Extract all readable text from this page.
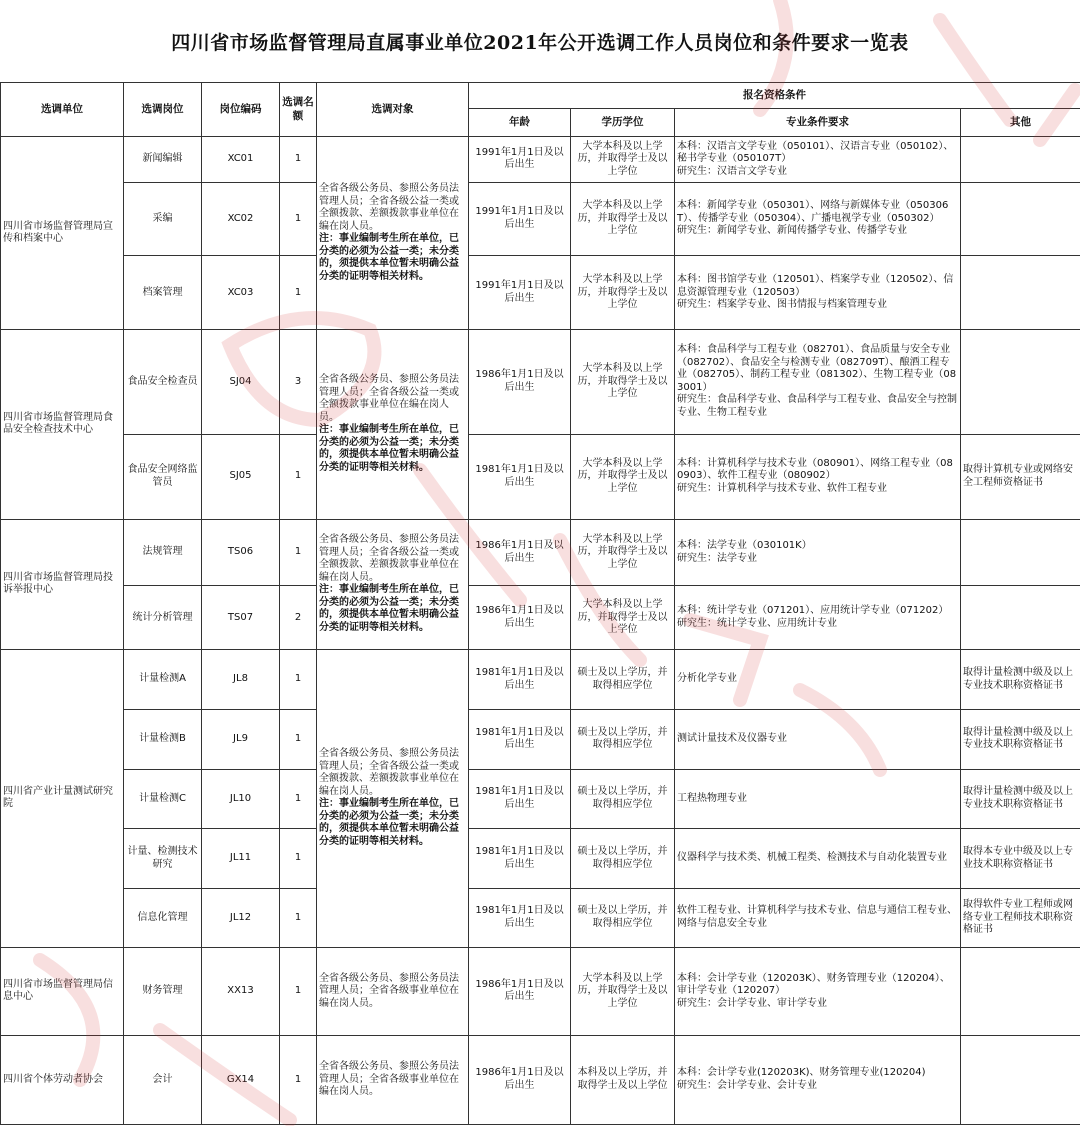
四川省市场监督管理局直属事业单位2021年公开选调工作人员岗位和条件要求一览表
选调单位	选调岗位	岗位编码	选调名额	选调对象	报名资格条件			
					年龄	学历学位	专业条件要求	其他
四川省市场监督管理局宣传和档案中心	新闻编辑	XC01	1	全省各级公务员、参照公务员法管理人员；全省各级公益一类或全额拨款、差额拨款事业单位在编在岗人员。
注：事业编制考生所在单位，已分类的必须为公益一类；未分类的，须提供本单位暂未明确公益分类的证明等相关材料。	1991年1月1日及以后出生	大学本科及以上学历，并取得学士及以上学位	本科：汉语言文学专业（050101）、汉语言专业（050102）、秘书学专业（050107T）
研究生：汉语言文学专业	

	采编	XC02	1		1991年1月1日及以后出生	大学本科及以上学历，并取得学士及以上学位	本科：新闻学专业（050301）、网络与新媒体专业（050306T）、传播学专业（050304）、广播电视学专业（050302）
研究生：新闻学专业、新闻传播学专业、传播学专业	

	档案管理	XC03	1		1991年1月1日及以后出生	大学本科及以上学历，并取得学士及以上学位	本科：图书馆学专业（120501）、档案学专业（120502）、信息资源管理专业（120503）
研究生：档案学专业、图书情报与档案管理专业	

四川省市场监督管理局食品安全检查技术中心	食品安全检查员	SJ04	3	全省各级公务员、参照公务员法管理人员；全省各级公益一类或全额拨款事业单位在编在岗人员。
注：事业编制考生所在单位，已分类的必须为公益一类；未分类的，须提供本单位暂未明确公益分类的证明等相关材料。	1986年1月1日及以后出生	大学本科及以上学历，并取得学士及以上学位	本科：食品科学与工程专业（082701）、食品质量与安全专业（082702）、食品安全与检测专业（082709T）、酿酒工程专业（082705）、制药工程专业（081302）、生物工程专业（083001）
研究生：食品科学专业、食品科学与工程专业、食品安全与控制专业、生物工程专业	

	食品安全网络监管员	SJ05	1		1981年1月1日及以后出生	大学本科及以上学历，并取得学士及以上学位	本科：计算机科学与技术专业（080901）、网络工程专业（080903）、软件工程专业（080902）
研究生：计算机科学与技术专业、软件工程专业	取得计算机专业或网络安全工程师资格证书
四川省市场监督管理局投诉举报中心	法规管理	TS06	1	全省各级公务员、参照公务员法管理人员；全省各级公益一类或全额拨款、差额拨款事业单位在编在岗人员。
注：事业编制考生所在单位，已分类的必须为公益一类；未分类的，须提供本单位暂未明确公益分类的证明等相关材料。	1986年1月1日及以后出生	大学本科及以上学历，并取得学士及以上学位	本科：法学专业（030101K）
研究生：法学专业	

	统计分析管理	TS07	2		1986年1月1日及以后出生	大学本科及以上学历，并取得学士及以上学位	本科：统计学专业（071201）、应用统计学专业（071202）
研究生：统计学专业、应用统计专业	

四川省产业计量测试研究院	计量检测A	JL8	1	全省各级公务员、参照公务员法管理人员；全省各级公益一类或全额拨款、差额拨款事业单位在编在岗人员。
注：事业编制考生所在单位，已分类的必须为公益一类；未分类的，须提供本单位暂未明确公益分类的证明等相关材料。	1981年1月1日及以后出生	硕士及以上学历，并取得相应学位	分析化学专业	取得计量检测中级及以上专业技术职称资格证书
	计量检测B	JL9	1		1981年1月1日及以后出生	硕士及以上学历，并取得相应学位	测试计量技术及仪器专业	取得计量检测中级及以上专业技术职称资格证书
	计量检测C	JL10	1		1981年1月1日及以后出生	硕士及以上学历，并取得相应学位	工程热物理专业	取得计量检测中级及以上专业技术职称资格证书
	计量、检测技术研究	JL11	1		1981年1月1日及以后出生	硕士及以上学历，并取得相应学位	仪器科学与技术类、机械工程类、检测技术与自动化装置专业	取得本专业中级及以上专业技术职称资格证书
	信息化管理	JL12	1		1981年1月1日及以后出生	硕士及以上学历，并取得相应学位	软件工程专业、计算机科学与技术专业、信息与通信工程专业、网络与信息安全专业	取得软件专业工程师或网络专业工程师技术职称资格证书
四川省市场监督管理局信息中心	财务管理	XX13	1	全省各级公务员、参照公务员法管理人员；全省各级事业单位在编在岗人员。	1986年1月1日及以后出生	大学本科及以上学历，并取得学士及以上学位	本科：会计学专业（120203K）、财务管理专业（120204）、审计学专业（120207）
研究生：会计学专业、审计学专业	

四川省个体劳动者协会	会计	GX14	1	全省各级公务员、参照公务员法管理人员；全省各级事业单位在编在岗人员。	1986年1月1日及以后出生	本科及以上学历，并取得学士及以上学位	本科：会计学专业(120203K)、财务管理专业(120204)
研究生：会计学专业、会计专业	
